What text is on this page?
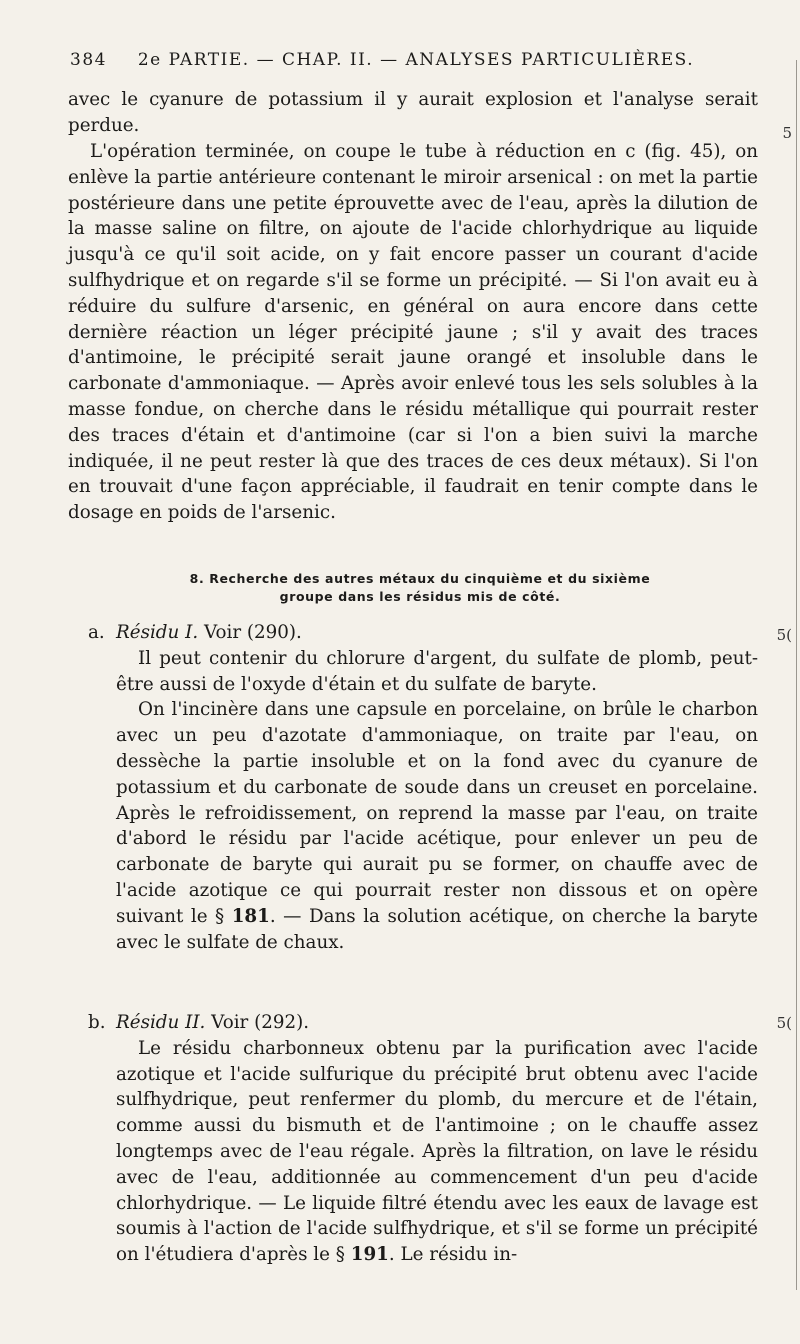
384 2e PARTIE. — CHAP. II. — ANALYSES PARTICULIÈRES.
avec le cyanure de potassium il y aurait explosion et l'analyse serait perdue.
L'opération terminée, on coupe le tube à réduction en c (fig. 45), on enlève la partie antérieure contenant le miroir arsenical : on met la partie postérieure dans une petite éprouvette avec de l'eau, après la dilution de la masse saline on filtre, on ajoute de l'acide chlorhydrique au liquide jusqu'à ce qu'il soit acide, on y fait encore passer un courant d'acide sulfhydrique et on regarde s'il se forme un précipité. — Si l'on avait eu à réduire du sulfure d'arsenic, en général on aura encore dans cette dernière réaction un léger précipité jaune ; s'il y avait des traces d'antimoine, le précipité serait jaune orangé et insoluble dans le carbonate d'ammoniaque. — Après avoir enlevé tous les sels solubles à la masse fondue, on cherche dans le résidu métallique qui pourrait rester des traces d'étain et d'antimoine (car si l'on a bien suivi la marche indiquée, il ne peut rester là que des traces de ces deux métaux). Si l'on en trouvait d'une façon appréciable, il faudrait en tenir compte dans le dosage en poids de l'arsenic.
8. Recherche des autres métaux du cinquième et du sixième
groupe dans les résidus mis de côté.
a. Résidu I. Voir (290).
Il peut contenir du chlorure d'argent, du sulfate de plomb, peut-être aussi de l'oxyde d'étain et du sulfate de baryte.
On l'incinère dans une capsule en porcelaine, on brûle le charbon avec un peu d'azotate d'ammoniaque, on traite par l'eau, on dessèche la partie insoluble et on la fond avec du cyanure de potassium et du carbonate de soude dans un creuset en porcelaine. Après le refroidissement, on reprend la masse par l'eau, on traite d'abord le résidu par l'acide acétique, pour enlever un peu de carbonate de baryte qui aurait pu se former, on chauffe avec de l'acide azotique ce qui pourrait rester non dissous et on opère suivant le § 181. — Dans la solution acétique, on cherche la baryte avec le sulfate de chaux.
b. Résidu II. Voir (292).
Le résidu charbonneux obtenu par la purification avec l'acide azotique et l'acide sulfurique du précipité brut obtenu avec l'acide sulfhydrique, peut renfermer du plomb, du mercure et de l'étain, comme aussi du bismuth et de l'antimoine ; on le chauffe assez longtemps avec de l'eau régale. Après la filtration, on lave le résidu avec de l'eau, additionnée au commencement d'un peu d'acide chlorhydrique. — Le liquide filtré étendu avec les eaux de lavage est soumis à l'action de l'acide sulfhydrique, et s'il se forme un précipité on l'étudiera d'après le § 191. Le résidu in-
5
5(
5(
